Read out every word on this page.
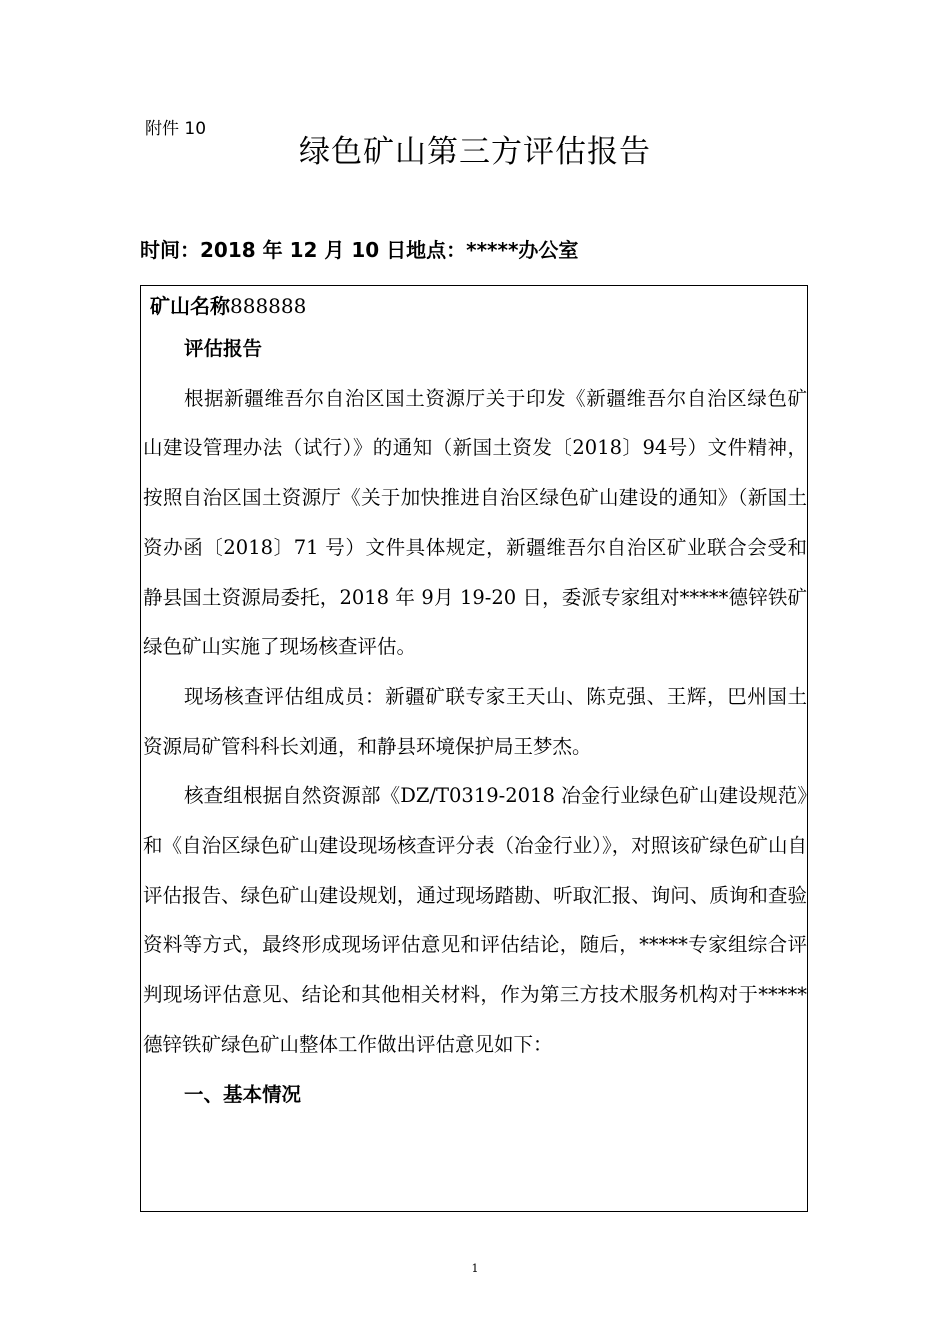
附件 10
绿色矿山第三方评估报告
时间：2018 年 12 月 10 日地点：*****办公室
矿山名称888888

评估报告

根据新疆维吾尔自治区国土资源厅关于印发《新疆维吾尔自治区绿色矿山建设管理办法（试行）》的通知（新国土资发〔2018〕94号）文件精神，按照自治区国土资源厅《关于加快推进自治区绿色矿山建设的通知》（新国土资办函〔2018〕71 号）文件具体规定，新疆维吾尔自治区矿业联合会受和静县国土资源局委托，2018 年 9月 19-20 日，委派专家组对*****德锌铁矿绿色矿山实施了现场核查评估。

现场核查评估组成员：新疆矿联专家王天山、陈克强、王辉，巴州国土资源局矿管科科长刘通，和静县环境保护局王梦杰。

核查组根据自然资源部《DZ/T0319-2018 冶金行业绿色矿山建设规范》和《自治区绿色矿山建设现场核查评分表（冶金行业）》，对照该矿绿色矿山自评估报告、绿色矿山建设规划，通过现场踏勘、听取汇报、询问、质询和查验资料等方式，最终形成现场评估意见和评估结论，随后，*****专家组综合评判现场评估意见、结论和其他相关材料，作为第三方技术服务机构对于*****德锌铁矿绿色矿山整体工作做出评估意见如下：

一、基本情况

1
